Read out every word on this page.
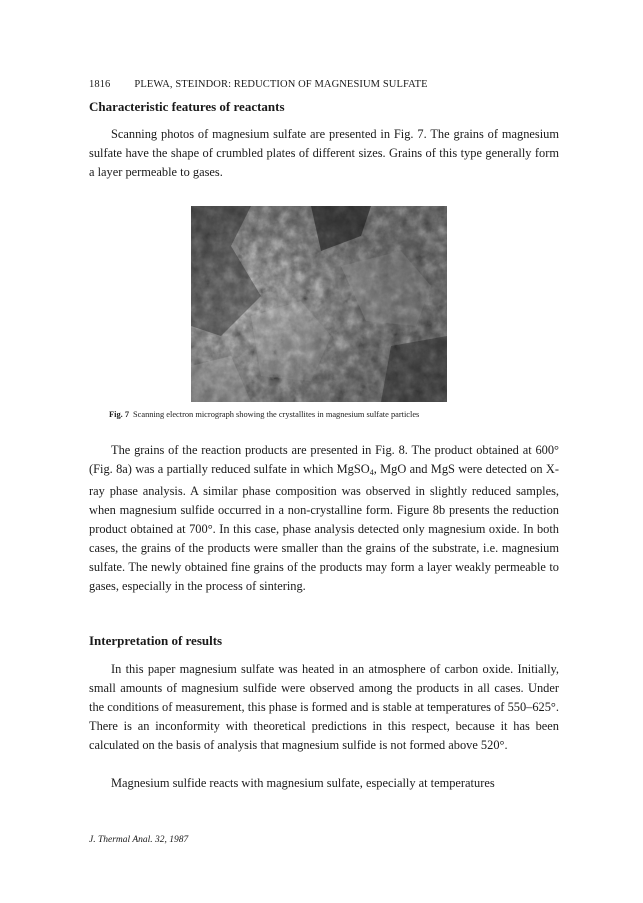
1816 PLEWA, STEINDOR: REDUCTION OF MAGNESIUM SULFATE
Characteristic features of reactants

Scanning photos of magnesium sulfate are presented in Fig. 7. The grains of magnesium sulfate have the shape of crumbled plates of different sizes. Grains of this type generally form a layer permeable to gases.

Fig. 7 Scanning electron micrograph showing the crystallites in magnesium sulfate particles

The grains of the reaction products are presented in Fig. 8. The product obtained at 600° (Fig. 8a) was a partially reduced sulfate in which MgSO$_4$, MgO and MgS were detected on X-ray phase analysis. A similar phase composition was observed in slightly reduced samples, when magnesium sulfide occurred in a non-crystalline form. Figure 8b presents the reduction product obtained at 700°. In this case, phase analysis detected only magnesium oxide. In both cases, the grains of the products were smaller than the grains of the substrate, i.e. magnesium sulfate. The newly obtained fine grains of the products may form a layer weakly permeable to gases, especially in the process of sintering.

Interpretation of results

In this paper magnesium sulfate was heated in an atmosphere of carbon oxide. Initially, small amounts of magnesium sulfide were observed among the products in all cases. Under the conditions of measurement, this phase is formed and is stable at temperatures of 550–625°. There is an inconformity with theoretical predictions in this respect, because it has been calculated on the basis of analysis that magnesium sulfide is not formed above 520°.

Magnesium sulfide reacts with magnesium sulfate, especially at temperatures

J. Thermal Anal. 32, 1987
